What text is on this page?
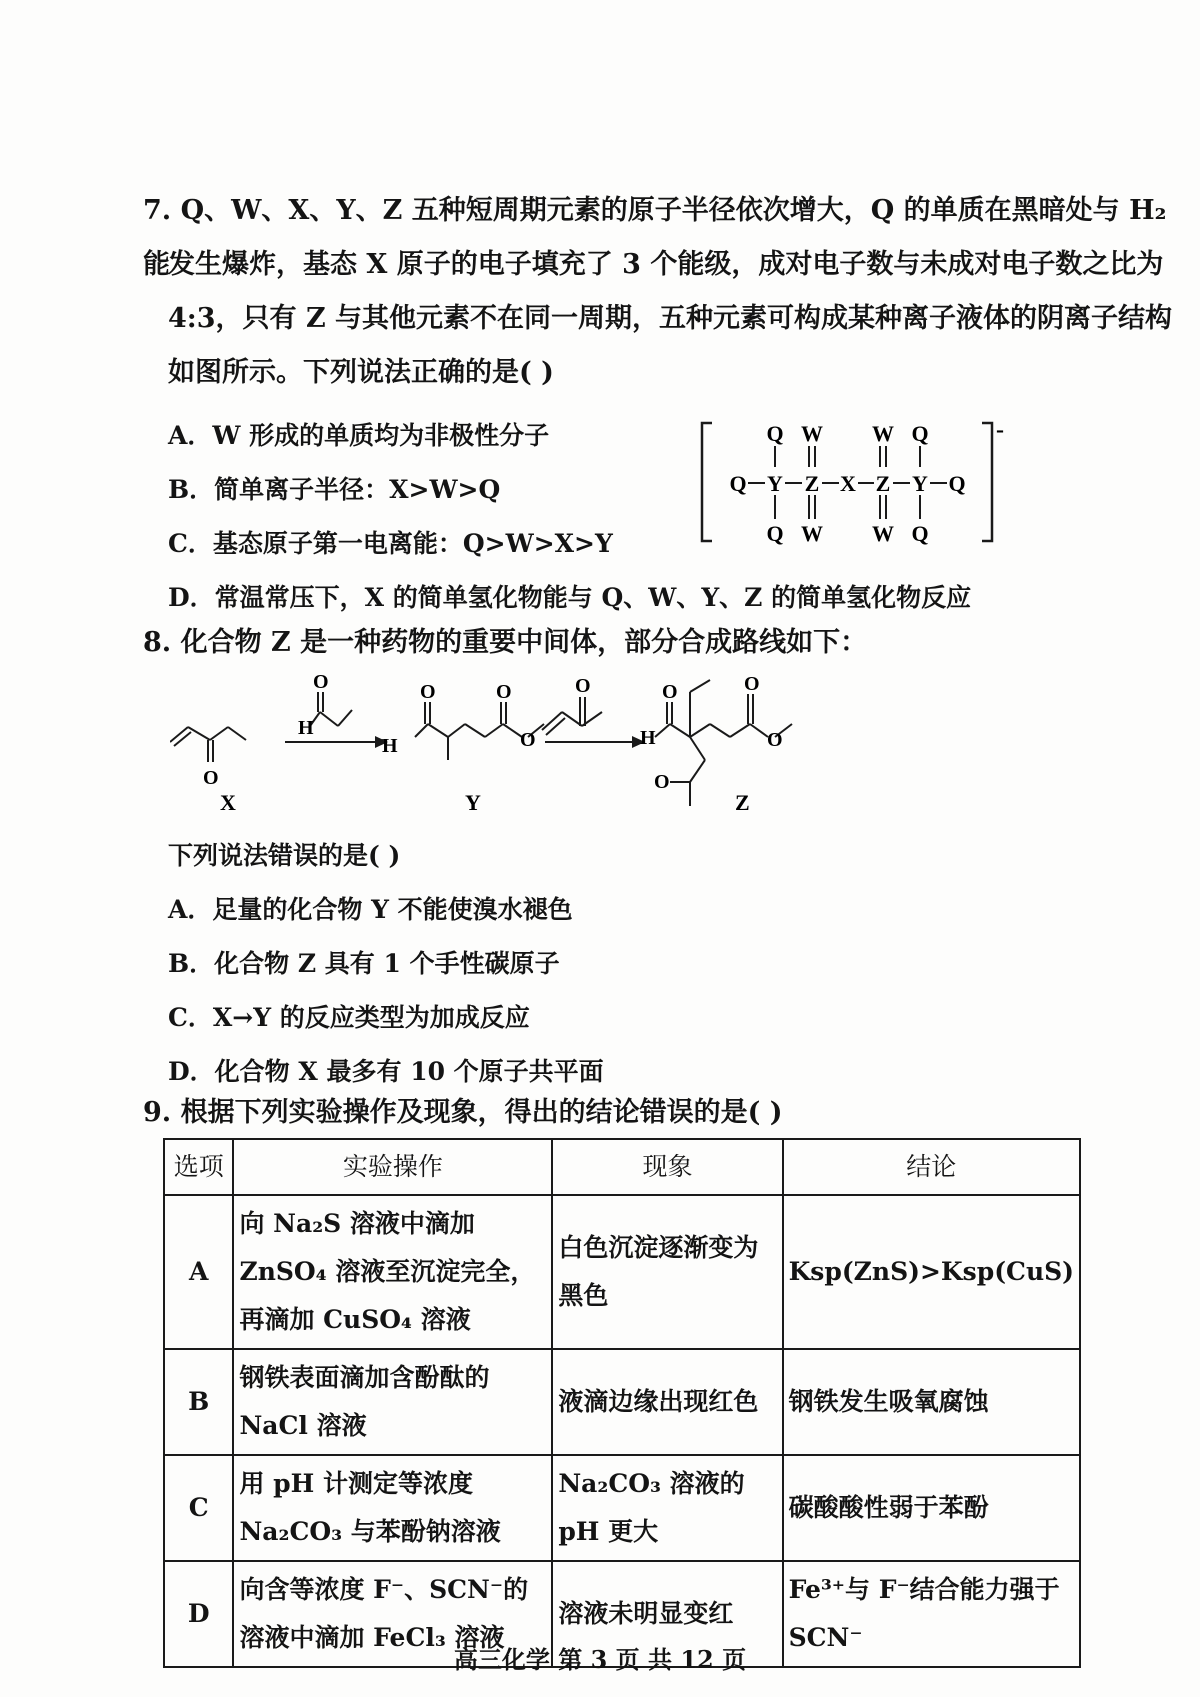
7. Q、W、X、Y、Z 五种短周期元素的原子半径依次增大，Q 的单质在黑暗处与 H₂ 能
发生爆炸，基态 X 原子的电子填充了 3 个能级，成对电子数与未成对电子数之比为
4:3，只有 Z 与其他元素不在同一周期，五种元素可构成某种离子液体的阴离子结构
如图所示。下列说法正确的是( )
A．W 形成的单质均为非极性分子
B．简单离子半径：X>W>Q
C．基态原子第一电离能：Q>W>X>Y
D．常温常压下，X 的简单氢化物能与 Q、W、Y、Z 的简单氢化物反应
-
Q W W Q
Q Y Z X Z Y Q
Q W W Q
8. 化合物 Z 是一种药物的重要中间体，部分合成路线如下：
O
X
H
O
H
O	O
O
Y
O
H
O	O
O
O
Z
下列说法错误的是( )
A．足量的化合物 Y 不能使溴水褪色
B．化合物 Z 具有 1 个手性碳原子
C．X→Y 的反应类型为加成反应
D．化合物 X 最多有 10 个原子共平面
9. 根据下列实验操作及现象，得出的结论错误的是( )
选项	实验操作	现象	结论
A	向 Na₂S 溶液中滴加 ZnSO₄ 溶液至沉淀完全，再滴加 CuSO₄ 溶液	白色沉淀逐渐变为黑色	Ksp(ZnS)>Ksp(CuS)
B	钢铁表面滴加含酚酞的 NaCl 溶液	液滴边缘出现红色	钢铁发生吸氧腐蚀
C	用 pH 计测定等浓度 Na₂CO₃ 与苯酚钠溶液	Na₂CO₃ 溶液的 pH 更大	碳酸酸性弱于苯酚
D	向含等浓度 F⁻、SCN⁻的溶液中滴加 FeCl₃ 溶液	溶液未明显变红	Fe³⁺与 F⁻结合能力强于 SCN⁻
高三化学 第 3 页 共 12 页
